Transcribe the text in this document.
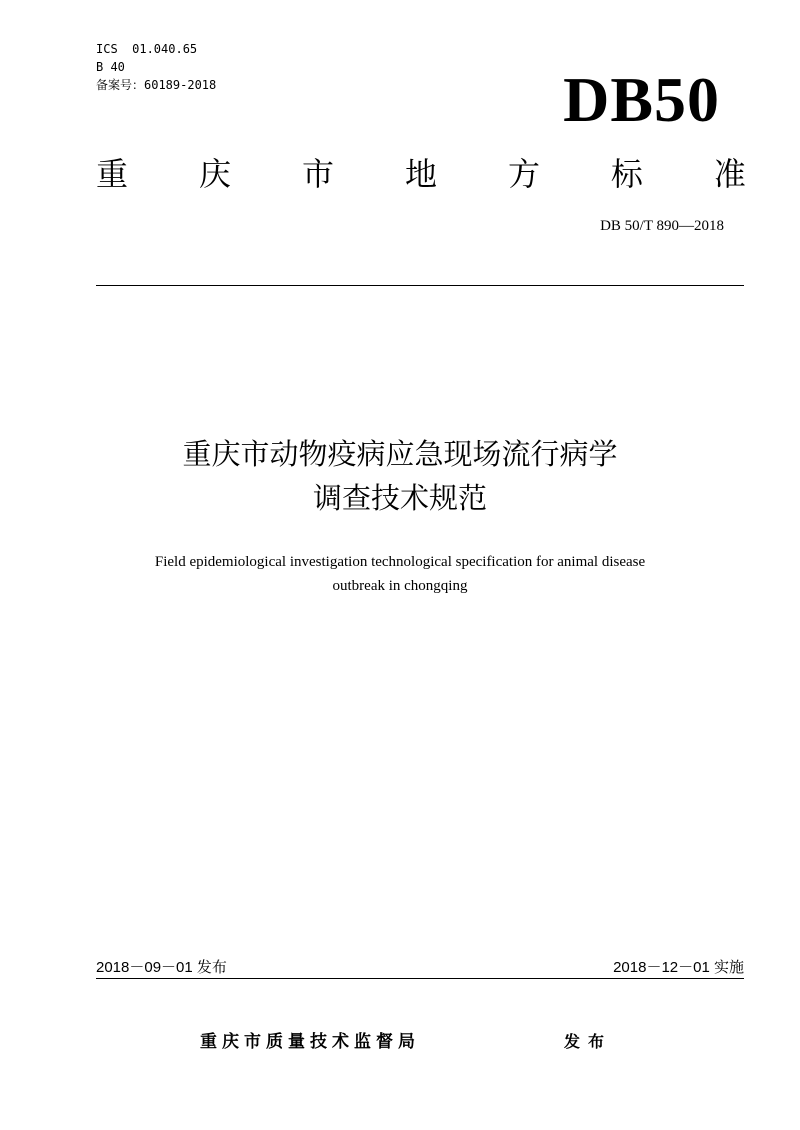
ICS  01.040.65
B 40
备案号：60189-2018	DB50
重 庆 市 地 方 标 准
DB 50/T 890—2018
重庆市动物疫病应急现场流行病学
调查技术规范
Field epidemiological investigation technological specification for animal disease
outbreak in chongqing
2018－09－01 发布	2018－12－01 实施
重庆市质量技术监督局	发布
